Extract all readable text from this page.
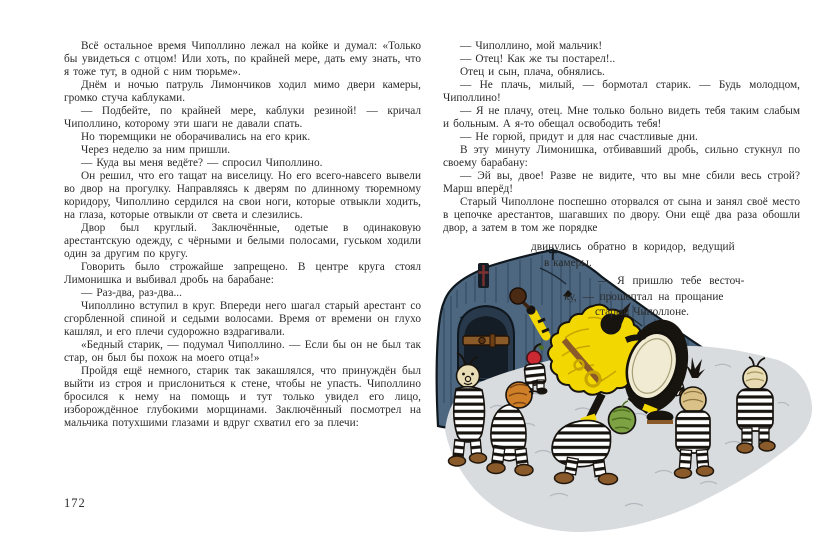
Всё остальное время Чиполлино лежал на койке и думал: «Только бы увидеться с отцом! Или хоть, по крайней мере, дать ему знать, что я тоже тут, в одной с ним тюрьме».

Днём и ночью патруль Лимончиков ходил мимо двери камеры, громко стуча каблуками.

— Подбейте, по крайней мере, каблуки резиной! — кричал Чиполлино, которому эти шаги не давали спать.

Но тюремщики не оборачивались на его крик.

Через неделю за ним пришли.

— Куда вы меня ведёте? — спросил Чиполлино.

Он решил, что его тащат на виселицу. Но его всего-навсего вывели во двор на прогулку. Направляясь к дверям по длинному тюремному коридору, Чиполлино сердился на свои ноги, которые отвыкли ходить, на глаза, которые отвыкли от света и слезились.

Двор был круглый. Заключённые, одетые в одинаковую арестантскую одежду, с чёрными и белыми полосами, гуськом ходили один за другим по кругу.

Говорить было строжайше запрещено. В центре круга стоял Лимонишка и выбивал дробь на барабане:

— Раз-два, раз-два...

Чиполлино вступил в круг. Впереди него шагал старый арестант со сгорбленной спиной и седыми волосами. Время от времени он глухо кашлял, и его плечи судорожно вздрагивали.

«Бедный старик, — подумал Чиполлино. — Если бы он не был так стар, он был бы похож на моего отца!»

Пройдя ещё немного, старик так закашлялся, что принуждён был выйти из строя и прислониться к стене, чтобы не упасть. Чиполлино бросился к нему на помощь и тут только увидел его лицо, изборождённое глубокими морщинами. Заключённый посмотрел на мальчика потухшими глазами и вдруг схватил его за плечи:

172

— Чиполлино, мой мальчик!

— Отец! Как же ты постарел!..

Отец и сын, плача, обнялись.

— Не плачь, милый, — бормотал старик. — Будь молодцом, Чиполлино!

— Я не плачу, отец. Мне только больно видеть тебя таким слабым и больным. А я-то обещал освободить тебя!

— Не горюй, придут и для нас счастливые дни.

В эту минуту Лимонишка, отбивавший дробь, сильно стукнул по своему барабану:

— Эй вы, двое! Разве не видите, что вы мне сбили весь строй? Марш вперёд!

Старый Чиполлоне поспешно оторвался от сына и занял своё место в цепочке арестантов, шагавших по двору. Они ещё два раза обошли двор, а затем в том же порядке

двинулись обратно в коридор, ведущий

в камеры.

— Я пришлю тебе весточ-

ку, — прошептал на прощание

старый Чиполлоне.
